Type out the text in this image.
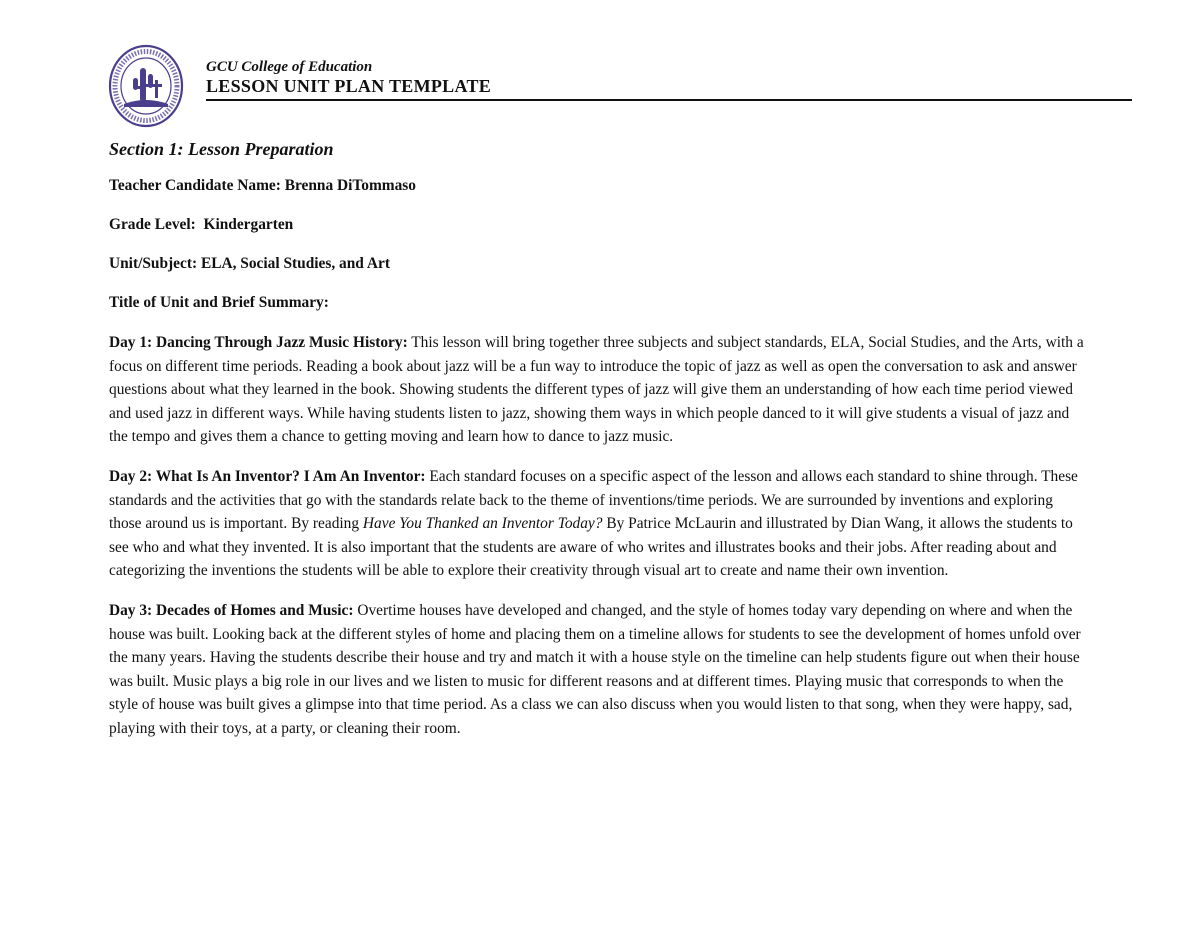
GCU College of Education
LESSON UNIT PLAN TEMPLATE
Section 1: Lesson Preparation
Teacher Candidate Name: Brenna DiTommaso
Grade Level: Kindergarten
Unit/Subject: ELA, Social Studies, and Art
Title of Unit and Brief Summary:

Day 1: Dancing Through Jazz Music History: This lesson will bring together three subjects and subject standards, ELA, Social Studies, and the Arts, with a focus on different time periods. Reading a book about jazz will be a fun way to introduce the topic of jazz as well as open the conversation to ask and answer questions about what they learned in the book. Showing students the different types of jazz will give them an understanding of how each time period viewed and used jazz in different ways. While having students listen to jazz, showing them ways in which people danced to it will give students a visual of jazz and the tempo and gives them a chance to getting moving and learn how to dance to jazz music.

Day 2: What Is An Inventor? I Am An Inventor: Each standard focuses on a specific aspect of the lesson and allows each standard to shine through. These standards and the activities that go with the standards relate back to the theme of inventions/time periods. We are surrounded by inventions and exploring those around us is important. By reading Have You Thanked an Inventor Today? By Patrice McLaurin and illustrated by Dian Wang, it allows the students to see who and what they invented. It is also important that the students are aware of who writes and illustrates books and their jobs. After reading about and categorizing the inventions the students will be able to explore their creativity through visual art to create and name their own invention.

Day 3: Decades of Homes and Music: Overtime houses have developed and changed, and the style of homes today vary depending on where and when the house was built. Looking back at the different styles of home and placing them on a timeline allows for students to see the development of homes unfold over the many years. Having the students describe their house and try and match it with a house style on the timeline can help students figure out when their house was built. Music plays a big role in our lives and we listen to music for different reasons and at different times. Playing music that corresponds to when the style of house was built gives a glimpse into that time period. As a class we can also discuss when you would listen to that song, when they were happy, sad, playing with their toys, at a party, or cleaning their room.
